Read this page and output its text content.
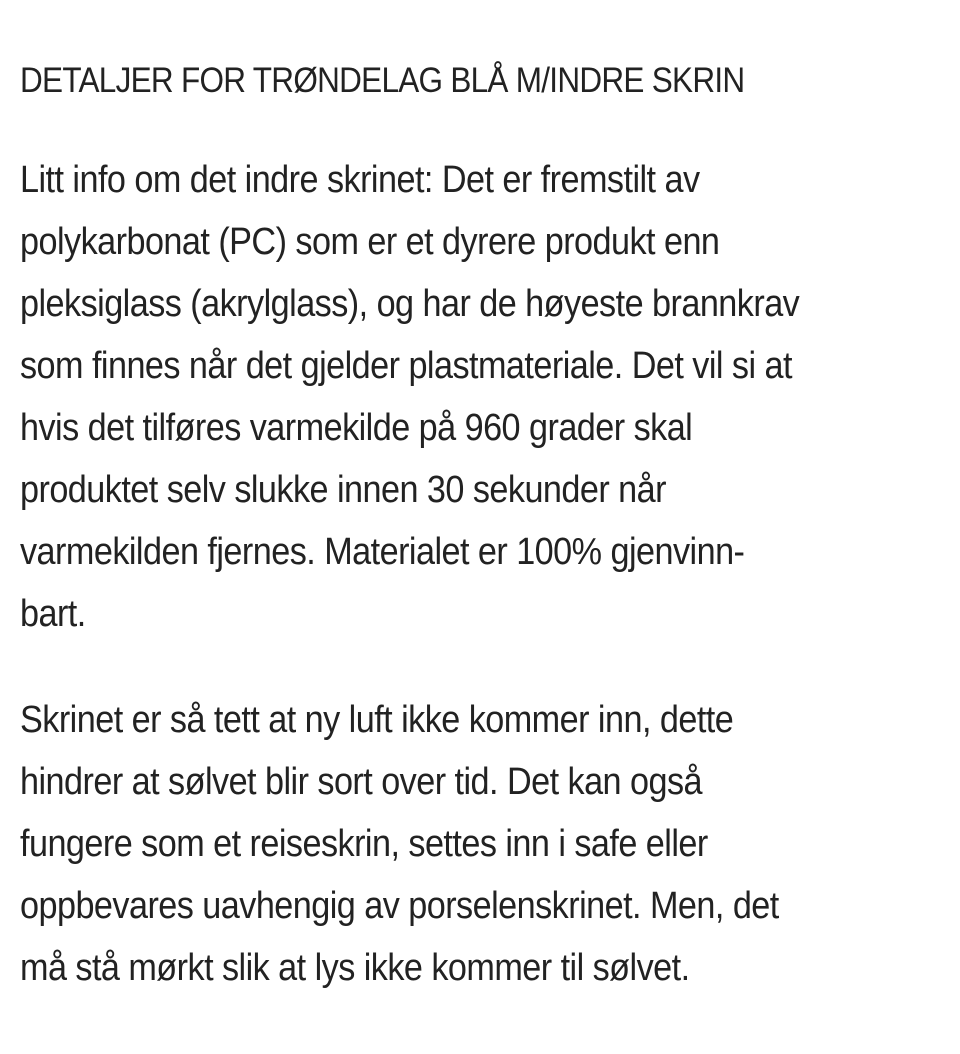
DETALJER FOR TRØNDELAG BLÅ M/INDRE SKRIN

Litt info om det indre skrinet: Det er fremstilt av
polykarbonat (PC) som er et dyrere produkt enn
pleksiglass (akrylglass), og har de høyeste brannkrav
som finnes når det gjelder plastmateriale. Det vil si at
hvis det tilføres varmekilde på 960 grader skal
produktet selv slukke innen 30 sekunder når
varmekilden fjernes. Materialet er 100% gjenvinn-
bart.

Skrinet er så tett at ny luft ikke kommer inn, dette
hindrer at sølvet blir sort over tid. Det kan også
fungere som et reiseskrin, settes inn i safe eller
oppbevares uavhengig av porselenskrinet. Men, det
må stå mørkt slik at lys ikke kommer til sølvet.
